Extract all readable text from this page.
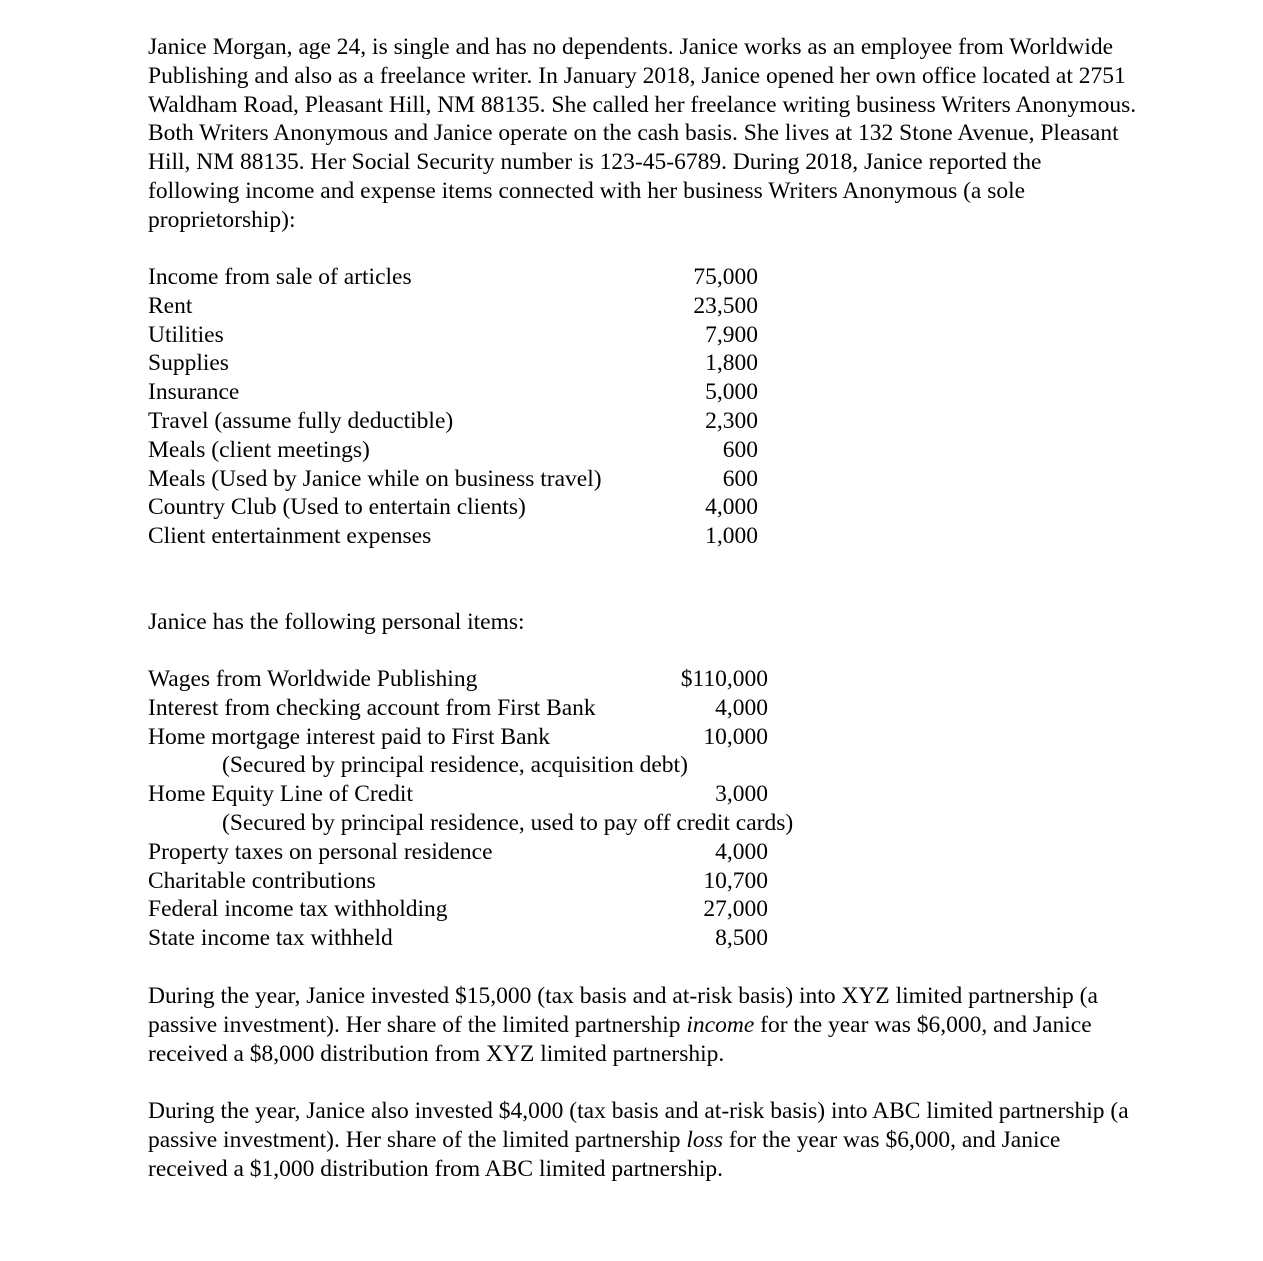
Janice Morgan, age 24, is single and has no dependents. Janice works as an employee from Worldwide Publishing and also as a freelance writer. In January 2018, Janice opened her own office located at 2751 Waldham Road, Pleasant Hill, NM 88135. She called her freelance writing business Writers Anonymous. Both Writers Anonymous and Janice operate on the cash basis. She lives at 132 Stone Avenue, Pleasant Hill, NM 88135. Her Social Security number is 123-45-6789. During 2018, Janice reported the following income and expense items connected with her business Writers Anonymous (a sole proprietorship):

Income from sale of articles	75,000
Rent	23,500
Utilities	7,900
Supplies	1,800
Insurance	5,000
Travel (assume fully deductible)	2,300
Meals (client meetings)	600
Meals (Used by Janice while on business travel)	600
Country Club (Used to entertain clients)	4,000
Client entertainment expenses	1,000

Janice has the following personal items:

Wages from Worldwide Publishing	$110,000
Interest from checking account from First Bank	4,000
Home mortgage interest paid to First Bank	10,000
(Secured by principal residence, acquisition debt)
Home Equity Line of Credit	3,000
(Secured by principal residence, used to pay off credit cards)
Property taxes on personal residence	4,000
Charitable contributions	10,700
Federal income tax withholding	27,000
State income tax withheld	8,500

During the year, Janice invested $15,000 (tax basis and at-risk basis) into XYZ limited partnership (a passive investment). Her share of the limited partnership income for the year was $6,000, and Janice received a $8,000 distribution from XYZ limited partnership.

During the year, Janice also invested $4,000 (tax basis and at-risk basis) into ABC limited partnership (a passive investment). Her share of the limited partnership loss for the year was $6,000, and Janice received a $1,000 distribution from ABC limited partnership.
